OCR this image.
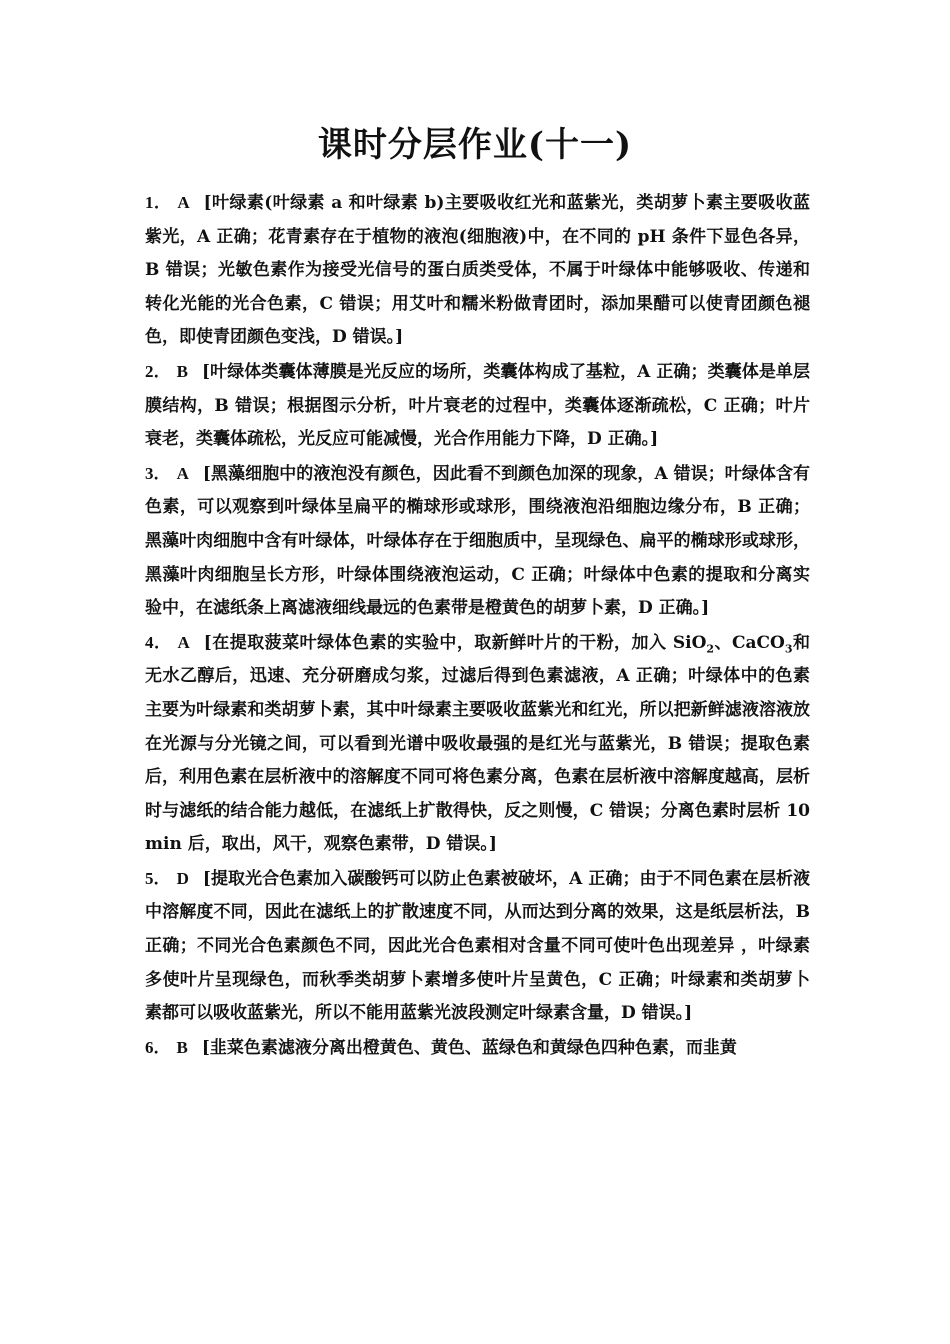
课时分层作业(十一)

1． A [叶绿素(叶绿素 a 和叶绿素 b)主要吸收红光和蓝紫光，类胡萝卜素主要吸收蓝紫光，A 正确；花青素存在于植物的液泡(细胞液)中，在不同的 pH 条件下显色各异，B 错误；光敏色素作为接受光信号的蛋白质类受体，不属于叶绿体中能够吸收、传递和转化光能的光合色素，C 错误；用艾叶和糯米粉做青团时，添加果醋可以使青团颜色褪色，即使青团颜色变浅，D 错误。]

2． B [叶绿体类囊体薄膜是光反应的场所，类囊体构成了基粒，A 正确；类囊体是单层膜结构，B 错误；根据图示分析，叶片衰老的过程中，类囊体逐渐疏松，C 正确；叶片衰老，类囊体疏松，光反应可能减慢，光合作用能力下降，D 正确。]

3． A [黑藻细胞中的液泡没有颜色，因此看不到颜色加深的现象，A 错误；叶绿体含有色素，可以观察到叶绿体呈扁平的椭球形或球形，围绕液泡沿细胞边缘分布，B 正确；黑藻叶肉细胞中含有叶绿体，叶绿体存在于细胞质中，呈现绿色、扁平的椭球形或球形，黑藻叶肉细胞呈长方形，叶绿体围绕液泡运动，C 正确；叶绿体中色素的提取和分离实验中，在滤纸条上离滤液细线最远的色素带是橙黄色的胡萝卜素，D 正确。]

4． A [在提取菠菜叶绿体色素的实验中，取新鲜叶片的干粉，加入 SiO$_2$、CaCO$_3$和无水乙醇后，迅速、充分研磨成匀浆，过滤后得到色素滤液，A 正确；叶绿体中的色素主要为叶绿素和类胡萝卜素，其中叶绿素主要吸收蓝紫光和红光，所以把新鲜滤液溶液放在光源与分光镜之间，可以看到光谱中吸收最强的是红光与蓝紫光，B 错误；提取色素后，利用色素在层析液中的溶解度不同可将色素分离，色素在层析液中溶解度越高，层析时与滤纸的结合能力越低，在滤纸上扩散得快，反之则慢，C 错误；分离色素时层析 10 min 后，取出，风干，观察色素带，D 错误。]

5． D [提取光合色素加入碳酸钙可以防止色素被破坏，A 正确；由于不同色素在层析液中溶解度不同，因此在滤纸上的扩散速度不同，从而达到分离的效果，这是纸层析法，B 正确；不同光合色素颜色不同，因此光合色素相对含量不同可使叶色出现差异 ，叶绿素多使叶片呈现绿色，而秋季类胡萝卜素增多使叶片呈黄色，C 正确；叶绿素和类胡萝卜素都可以吸收蓝紫光，所以不能用蓝紫光波段测定叶绿素含量，D 错误。]

6． B [韭菜色素滤液分离出橙黄色、黄色、蓝绿色和黄绿色四种色素，而韭黄
